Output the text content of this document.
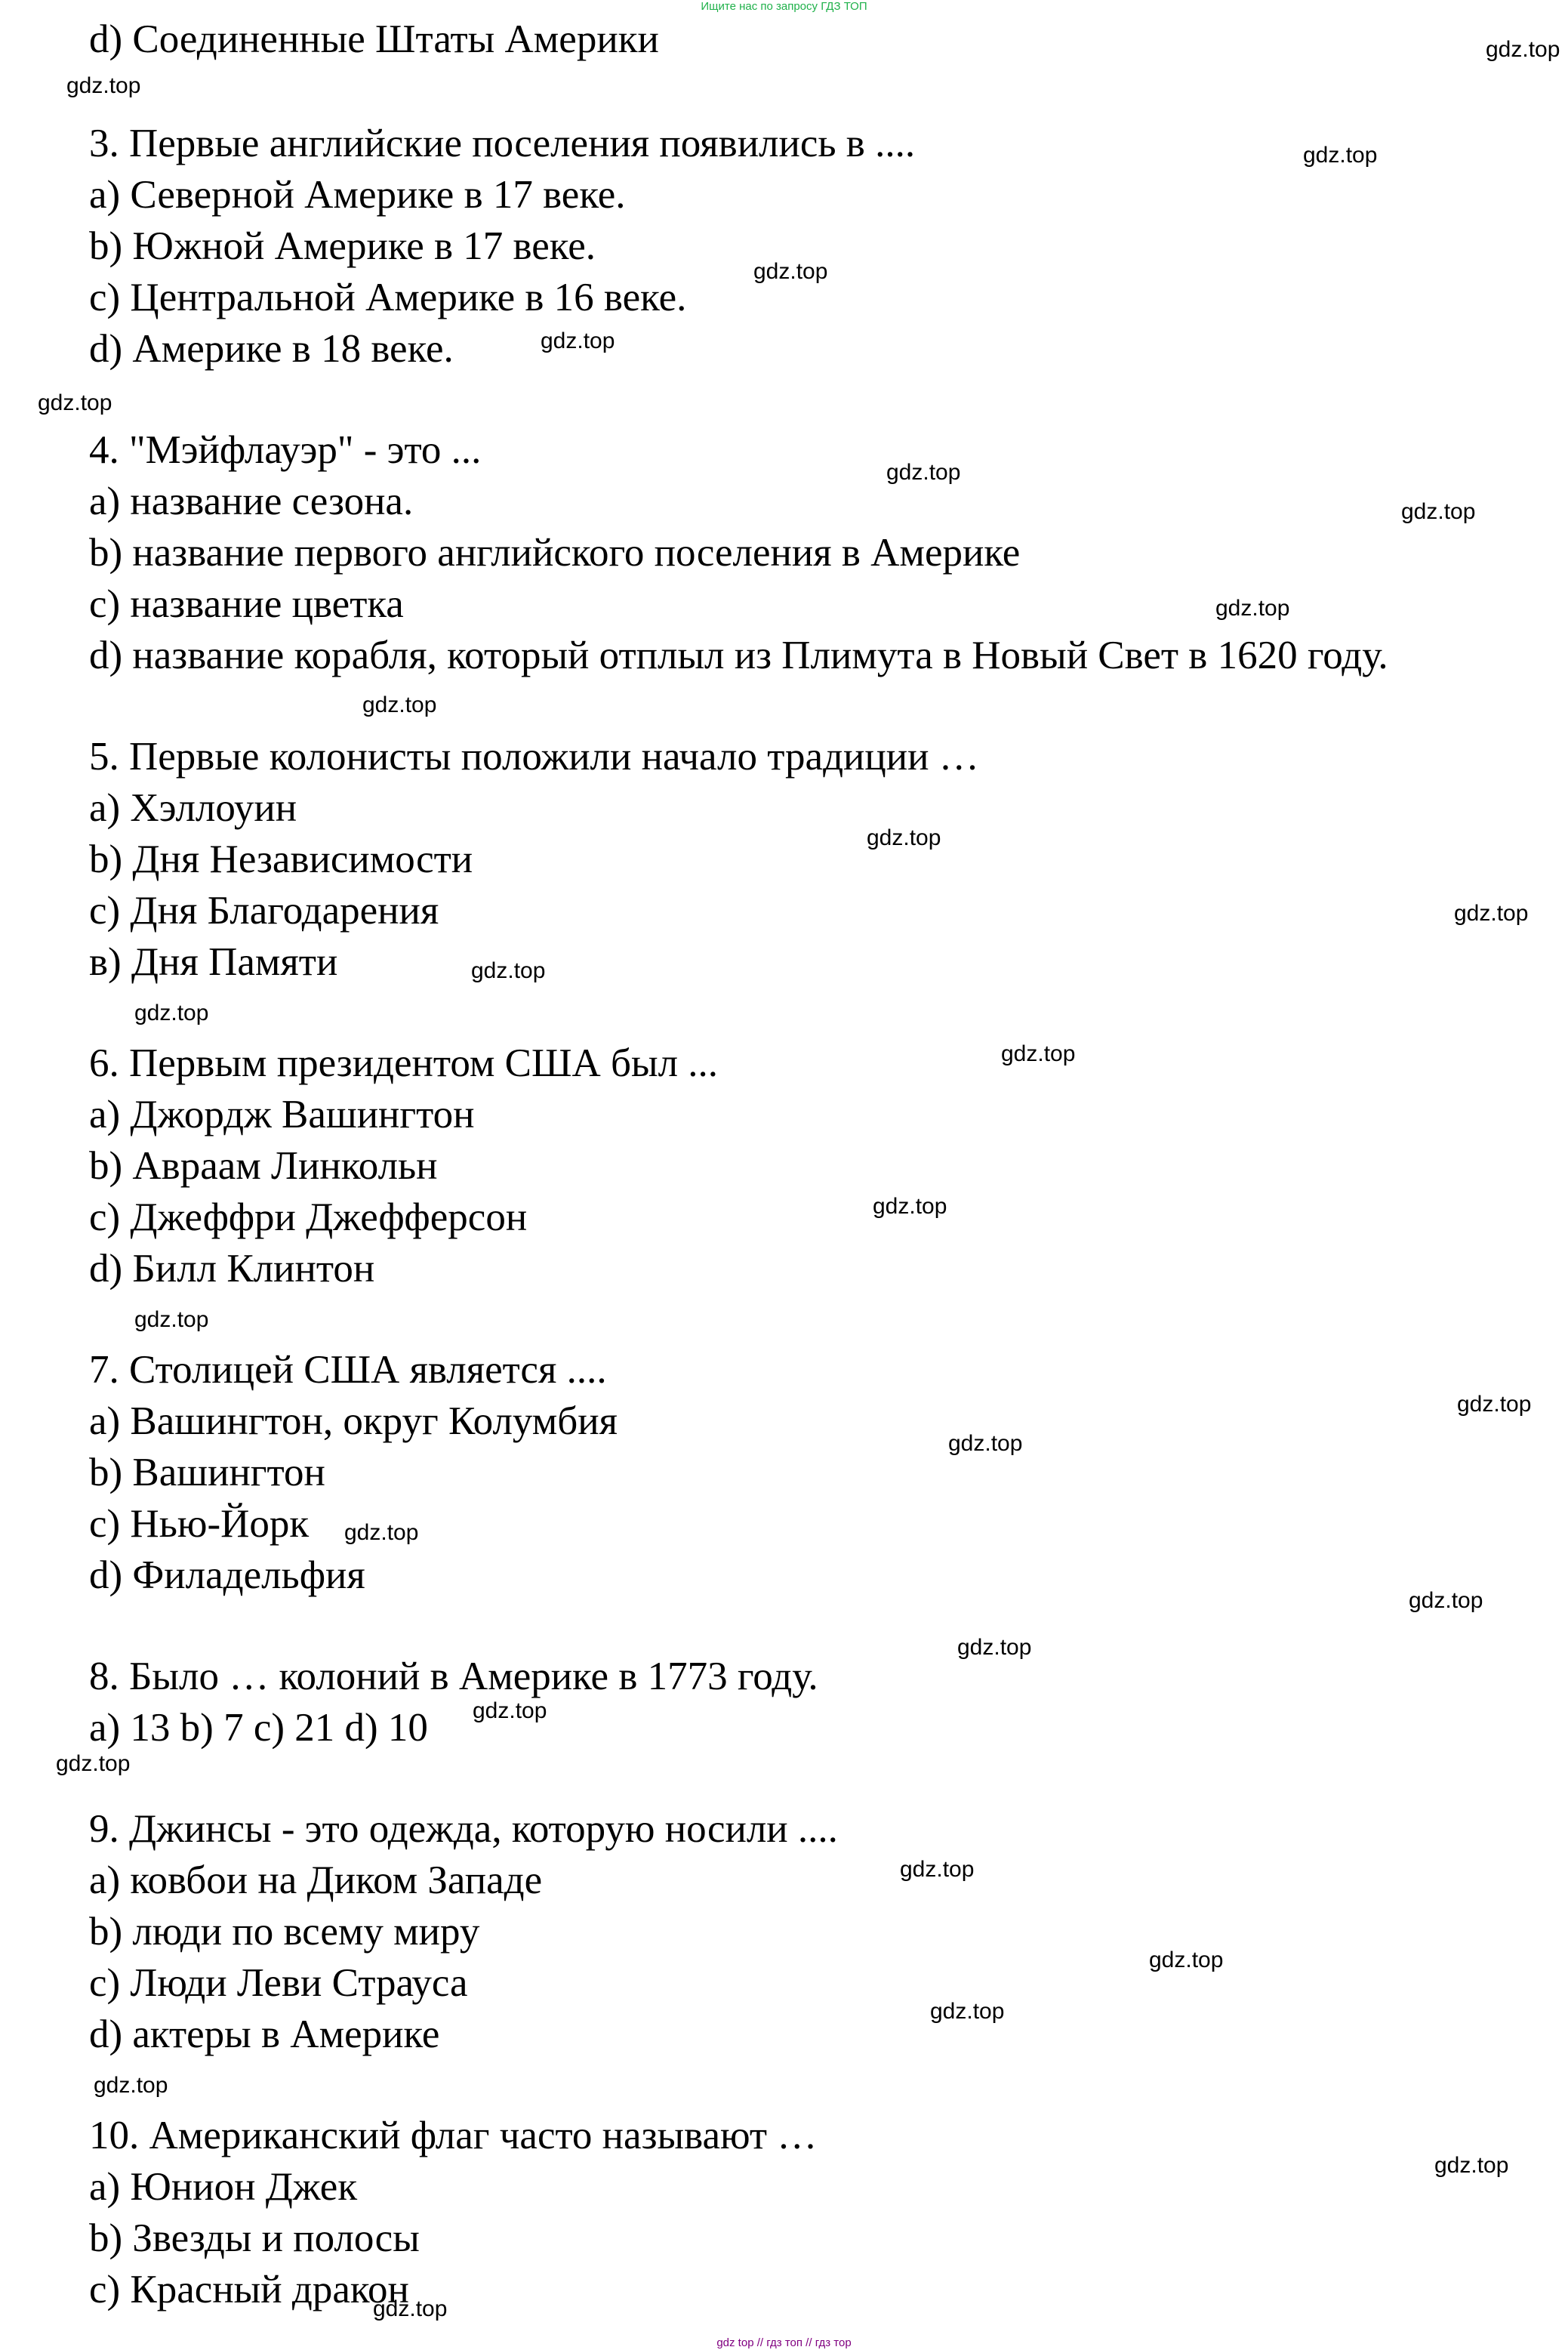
Ищите нас по запросу ГДЗ ТОП

d) Соединенные Штаты Америки

3. Первые английские поселения появились в ....

a) Северной Америке в 17 веке.

b) Южной Америке в 17 веке.

c) Центральной Америке в 16 веке.

d) Америке в 18 веке.

4. "Мэйфлауэр" - это ...

a) название сезона.

b) название первого английского поселения в Америке

c) название цветка

d) название корабля, который отплыл из Плимута в Новый Свет в 1620 году.

5. Первые колонисты положили начало традиции …

a) Хэллоуин

b) Дня Независимости

c) Дня Благодарения

в) Дня Памяти

6. Первым президентом США был ...

a) Джордж Вашингтон

b) Авраам Линкольн

c) Джеффри Джефферсон

d) Билл Клинтон

7. Столицей США является ....

a) Вашингтон, округ Колумбия

b) Вашингтон

c) Нью-Йорк

d) Филадельфия

8. Было … колоний в Америке в 1773 году.

a) 13 b) 7 c) 21 d) 10

9. Джинсы - это одежда, которую носили ....

a) ковбои на Диком Западе

b) люди по всему миру

c) Люди Леви Страуса

d) актеры в Америке

10. Американский флаг часто называют …

a) Юнион Джек

b) Звезды и полосы

c) Красный дракон

gdz.top
gdz.top
gdz.top
gdz.top
gdz.top
gdz.top
gdz.top
gdz.top
gdz.top
gdz.top
gdz.top
gdz.top
gdz.top
gdz.top
gdz.top
gdz.top
gdz.top
gdz.top
gdz.top
gdz.top
gdz.top
gdz.top
gdz.top
gdz.top
gdz.top
gdz.top
gdz.top
gdz.top
gdz.top
gdz.top
gdz top // гдз топ // гдз тор
